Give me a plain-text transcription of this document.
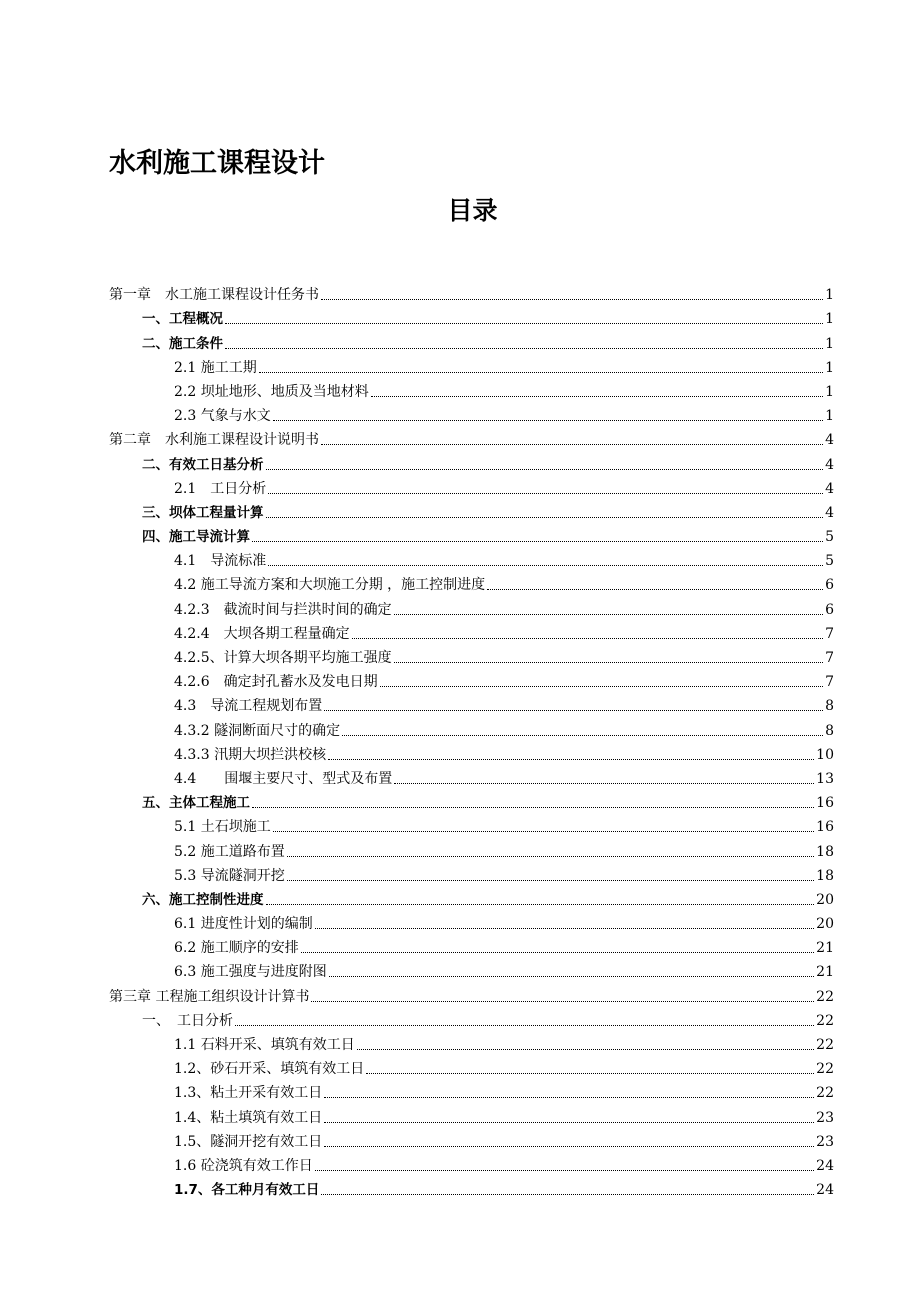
水利施工课程设计
目录
第一章　水工施工课程设计任务书	1
一、工程概况	1
二、施工条件	1
2.1 施工工期	1
2.2 坝址地形、地质及当地材料	1
2.3 气象与水文	1
第二章　水利施工课程设计说明书	4
二、有效工日基分析	4
2.1　工日分析	4
三、坝体工程量计算	4
四、施工导流计算	5
4.1　导流标准	5
4.2 施工导流方案和大坝施工分期 ，施工控制进度	6
4.2.3　截流时间与拦洪时间的确定	6
4.2.4　大坝各期工程量确定	7
4.2.5、计算大坝各期平均施工强度	7
4.2.6　确定封孔蓄水及发电日期	7
4.3　导流工程规划布置	8
4.3.2 隧洞断面尺寸的确定	8
4.3.3 汛期大坝拦洪校核	10
4.4　　围堰主要尺寸、型式及布置	13
五、主体工程施工	16
5.1 土石坝施工	16
5.2 施工道路布置	18
5.3 导流隧洞开挖	18
六、施工控制性进度	20
6.1 进度性计划的编制	20
6.2 施工顺序的安排	21
6.3 施工强度与进度附图	21
第三章 工程施工组织设计计算书	22
一、　工日分析	22
1.1 石料开采、填筑有效工日	22
1.2、砂石开采、填筑有效工日	22
1.3、粘土开采有效工日	22
1.4、粘土填筑有效工日	23
1.5、隧洞开挖有效工日	23
1.6 砼浇筑有效工作日	24
1.7、各工种月有效工日	24
